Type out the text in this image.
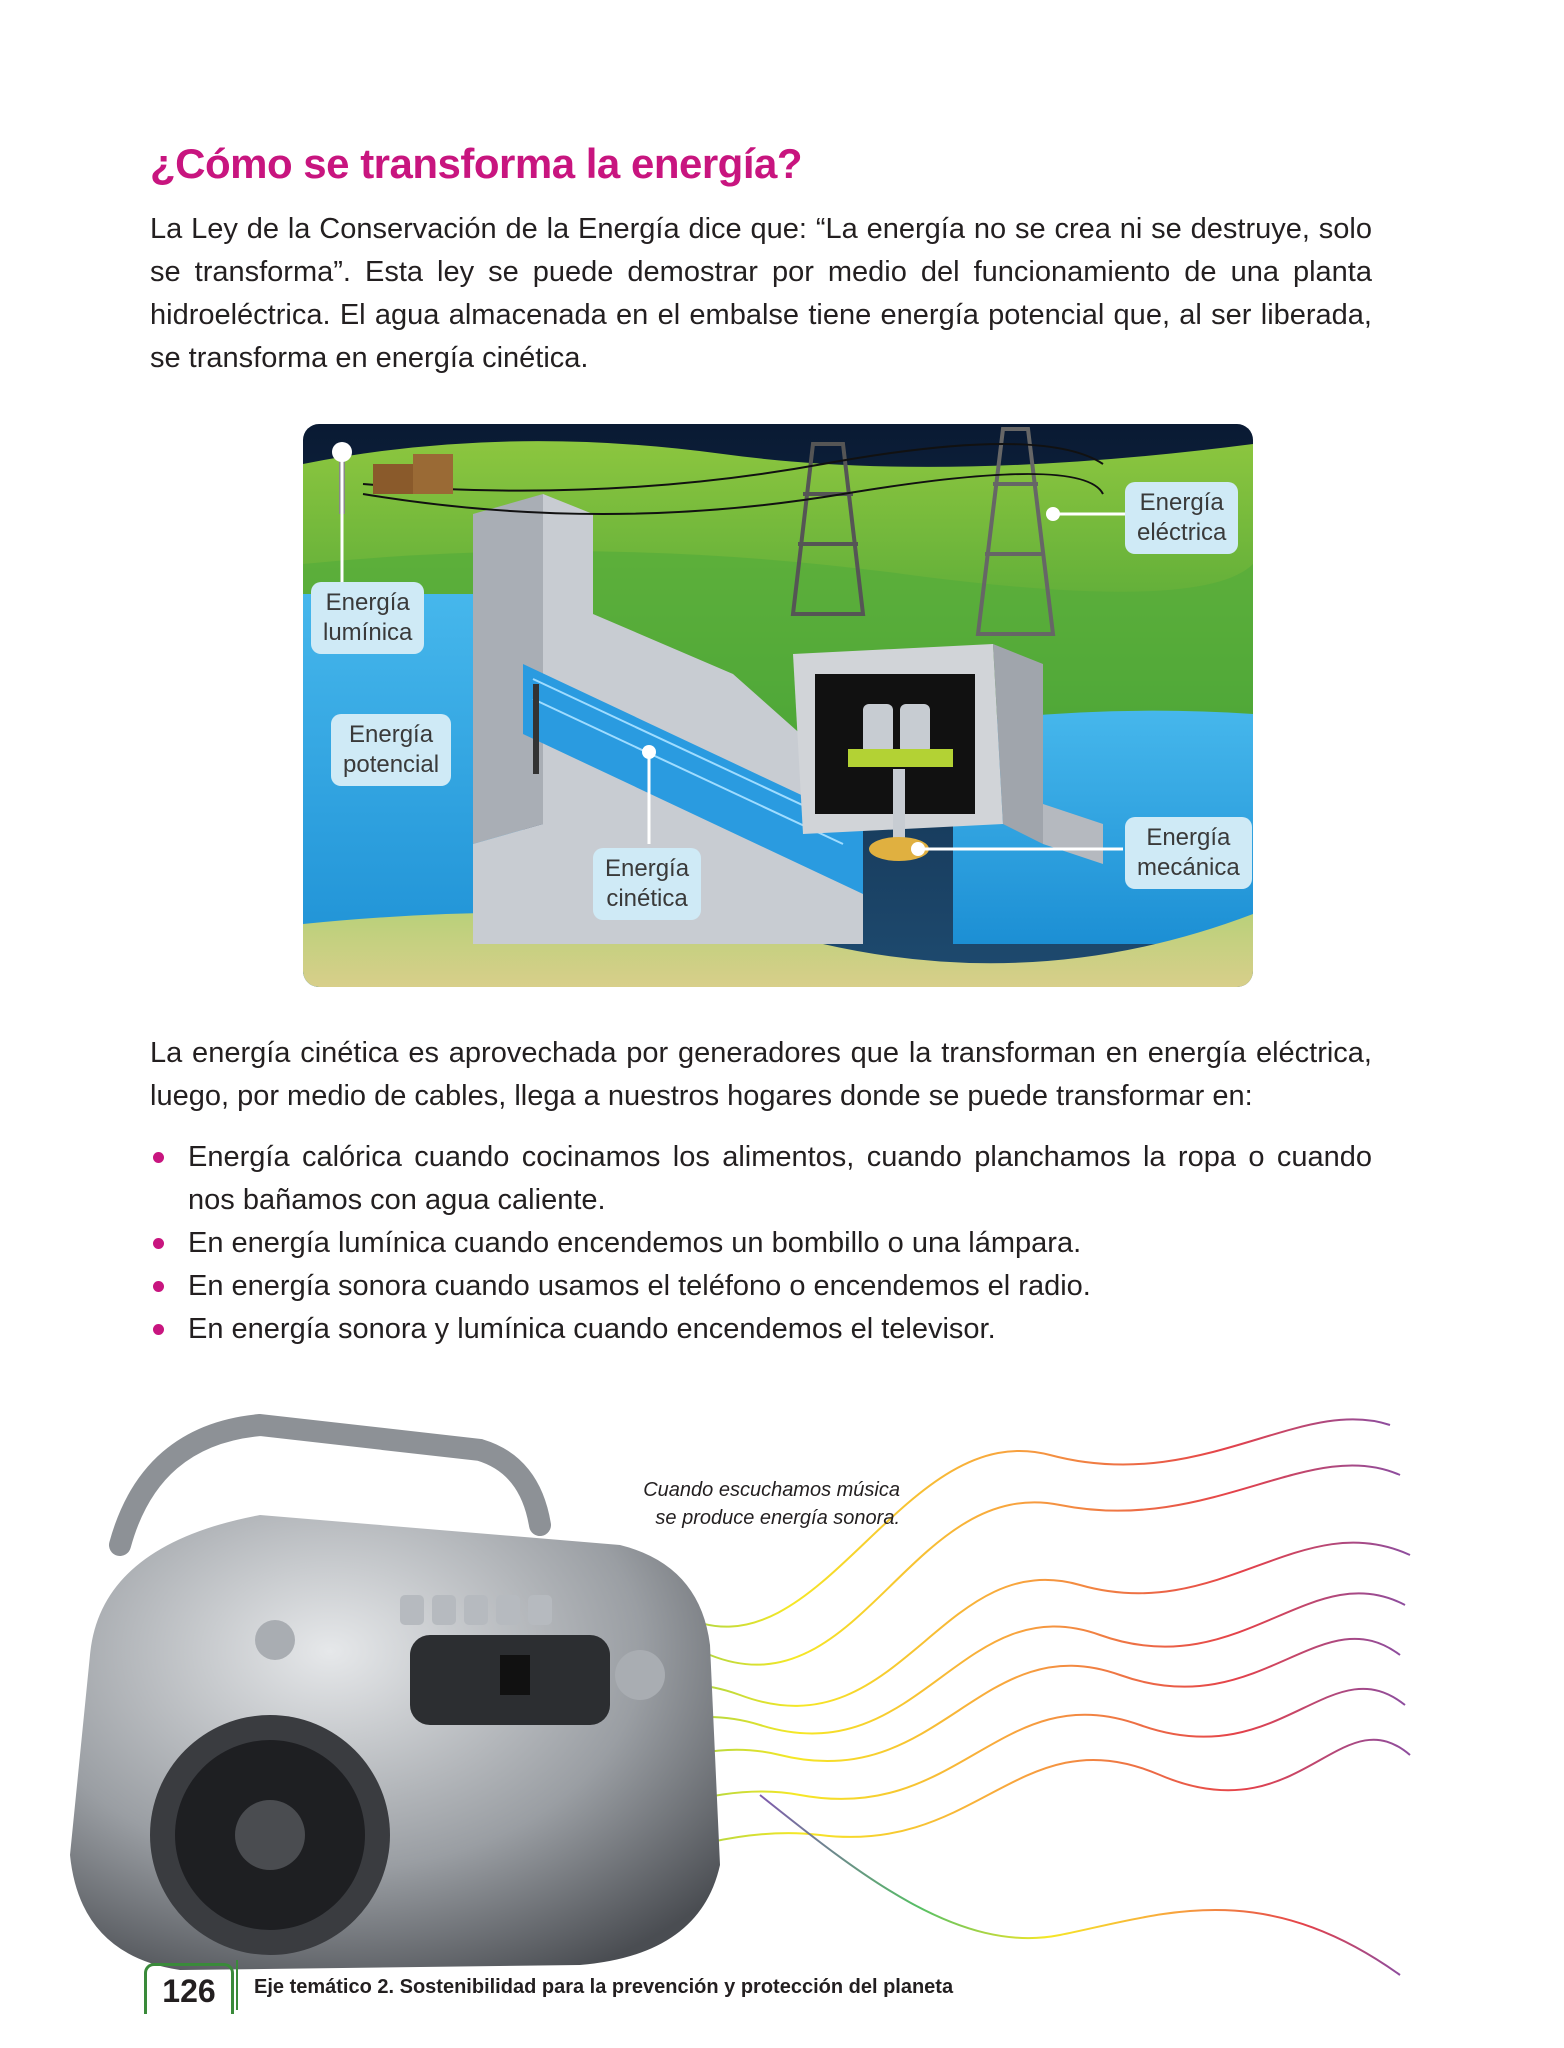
¿Cómo se transforma la energía?

La Ley de la Conservación de la Energía dice que: “La energía no se crea ni se destruye, solo se transforma”. Esta ley se puede demostrar por medio del funcionamiento de una planta hidroeléctrica. El agua almacenada en el embalse tiene energía potencial que, al ser liberada, se transforma en energía cinética.

Energía
lumínica
Energía
potencial
Energía
cinética
Energía
eléctrica
Energía
mecánica

La energía cinética es aprovechada por generadores que la transforman en energía eléctrica, luego, por medio de cables, llega a nuestros hogares donde se puede transformar en:

Energía calórica cuando cocinamos los alimentos, cuando planchamos la ropa o cuando nos bañamos con agua caliente.
En energía lumínica cuando encendemos un bombillo o una lámpara.
En energía sonora cuando usamos el teléfono o encendemos el radio.
En energía sonora y lumínica cuando encendemos el televisor.
Cuando escuchamos música
se produce energía sonora.
126	Eje temático 2. Sostenibilidad para la prevención y protección del planeta
